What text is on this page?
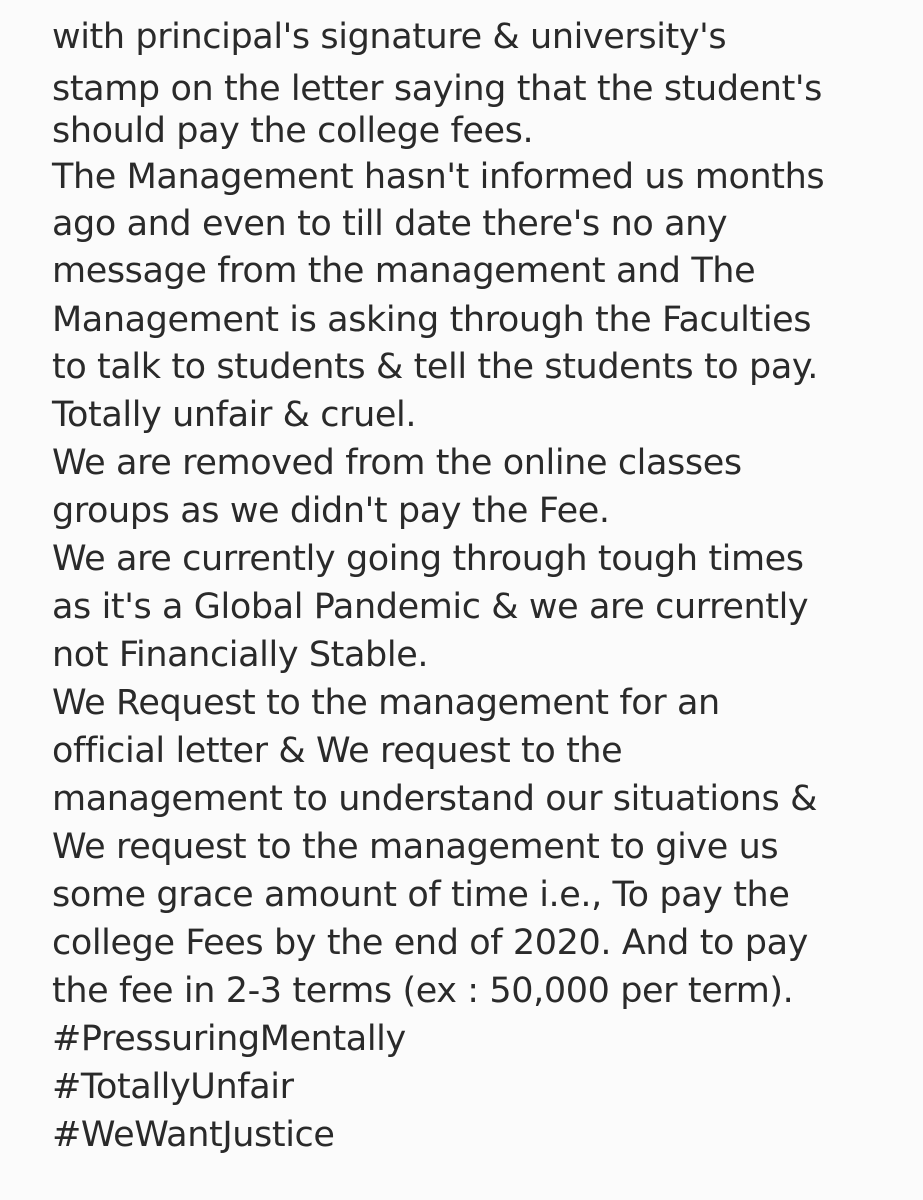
with principal's signature & university's
stamp on the letter saying that the student's
should pay the college fees.
The Management hasn't informed us months
ago and even to till date there's no any
message from the management and The
Management is asking through the Faculties
to talk to students & tell the students to pay.
Totally unfair & cruel.
We are removed from the online classes
groups as we didn't pay the Fee.
We are currently going through tough times
as it's a Global Pandemic & we are currently
not Financially Stable.
We Request to the management for an
official letter & We request to the
management to understand our situations &
We request to the management to give us
some grace amount of time i.e., To pay the
college Fees by the end of 2020. And to pay
the fee in 2-3 terms (ex : 50,000 per term).
#PressuringMentally
#TotallyUnfair
#WeWantJustice
